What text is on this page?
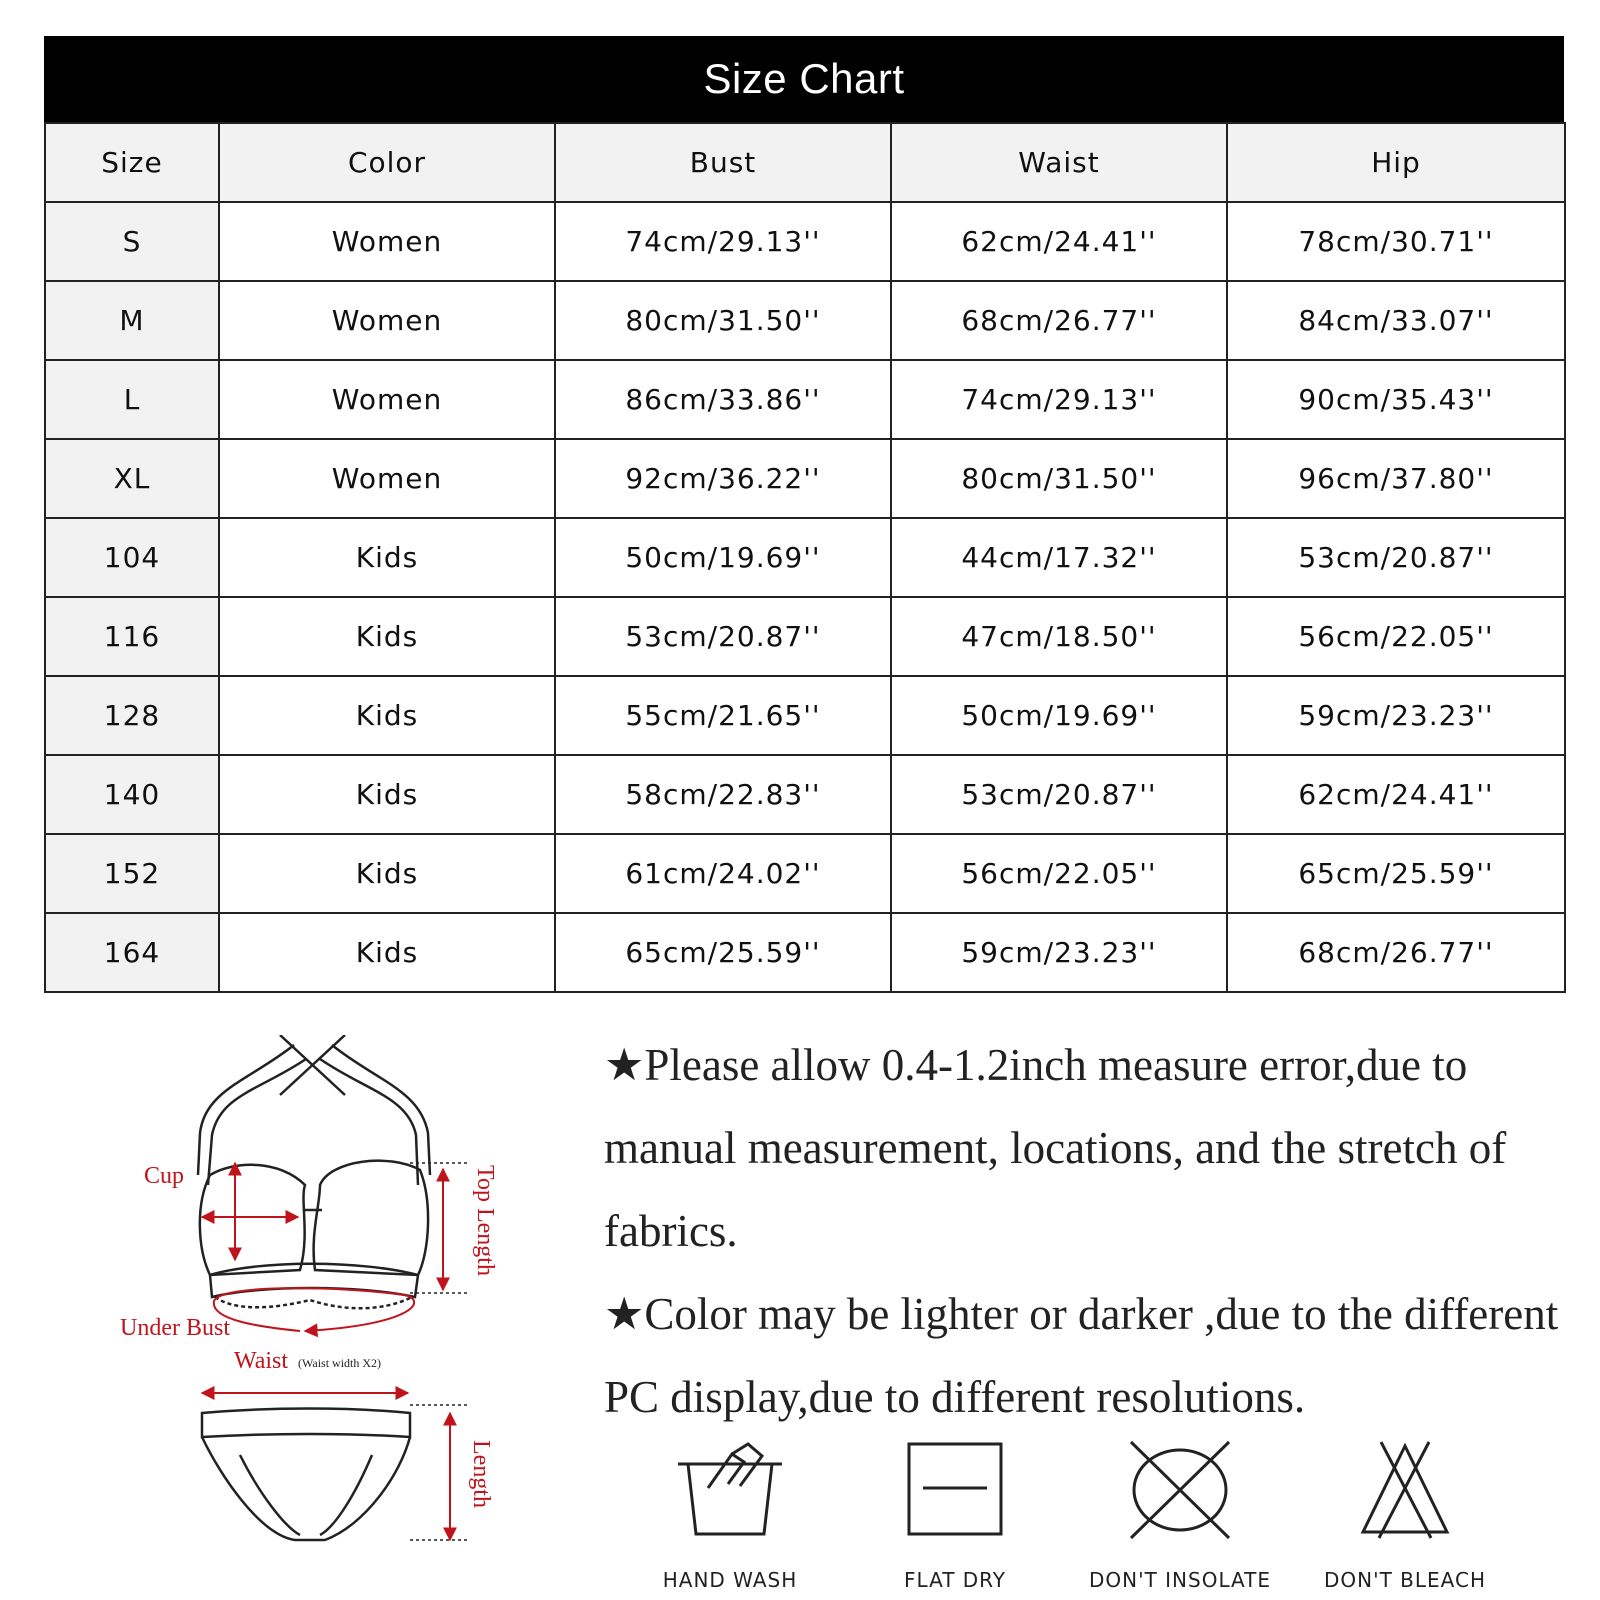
Size Chart
Size	Color	Bust	Waist	Hip
S	Women	74cm/29.13''	62cm/24.41''	78cm/30.71''
M	Women	80cm/31.50''	68cm/26.77''	84cm/33.07''
L	Women	86cm/33.86''	74cm/29.13''	90cm/35.43''
XL	Women	92cm/36.22''	80cm/31.50''	96cm/37.80''
104	Kids	50cm/19.69''	44cm/17.32''	53cm/20.87''
116	Kids	53cm/20.87''	47cm/18.50''	56cm/22.05''
128	Kids	55cm/21.65''	50cm/19.69''	59cm/23.23''
140	Kids	58cm/22.83''	53cm/20.87''	62cm/24.41''
152	Kids	61cm/24.02''	56cm/22.05''	65cm/25.59''
164	Kids	65cm/25.59''	59cm/23.23''	68cm/26.77''
Cup	Top Length
Under Bust
Waist (Waist width X2)
Length

★Please allow 0.4-1.2inch measure error,due to manual measurement, locations, and the stretch of fabrics.

★Color may be lighter or darker ,due to the different PC display,due to different resolutions.

HAND WASH	FLAT DRY	DON'T INSOLATE	DON'T BLEACH
